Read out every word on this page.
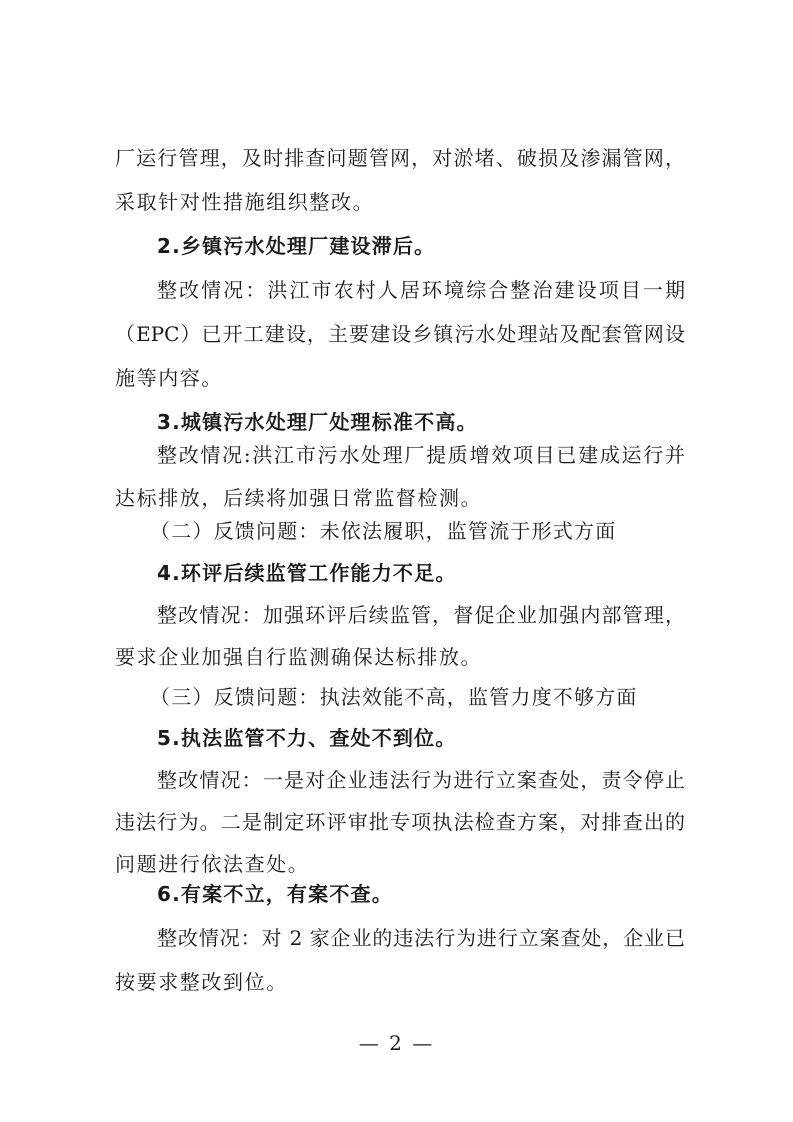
厂运行管理，及时排查问题管网，对淤堵、破损及渗漏管网，
采取针对性措施组织整改。
2.乡镇污水处理厂建设滞后。
整改情况：洪江市农村人居环境综合整治建设项目一期
（EPC）已开工建设，主要建设乡镇污水处理站及配套管网设
施等内容。
3.城镇污水处理厂处理标准不高。
整改情况:洪江市污水处理厂提质增效项目已建成运行并
达标排放，后续将加强日常监督检测。
（二）反馈问题：未依法履职，监管流于形式方面
4.环评后续监管工作能力不足。
整改情况：加强环评后续监管，督促企业加强内部管理，
要求企业加强自行监测确保达标排放。
（三）反馈问题：执法效能不高，监管力度不够方面
5.执法监管不力、查处不到位。
整改情况：一是对企业违法行为进行立案查处，责令停止
违法行为。二是制定环评审批专项执法检查方案，对排查出的
问题进行依法查处。
6.有案不立，有案不查。
整改情况：对 2 家企业的违法行为进行立案查处，企业已
按要求整改到位。
— 2 —
